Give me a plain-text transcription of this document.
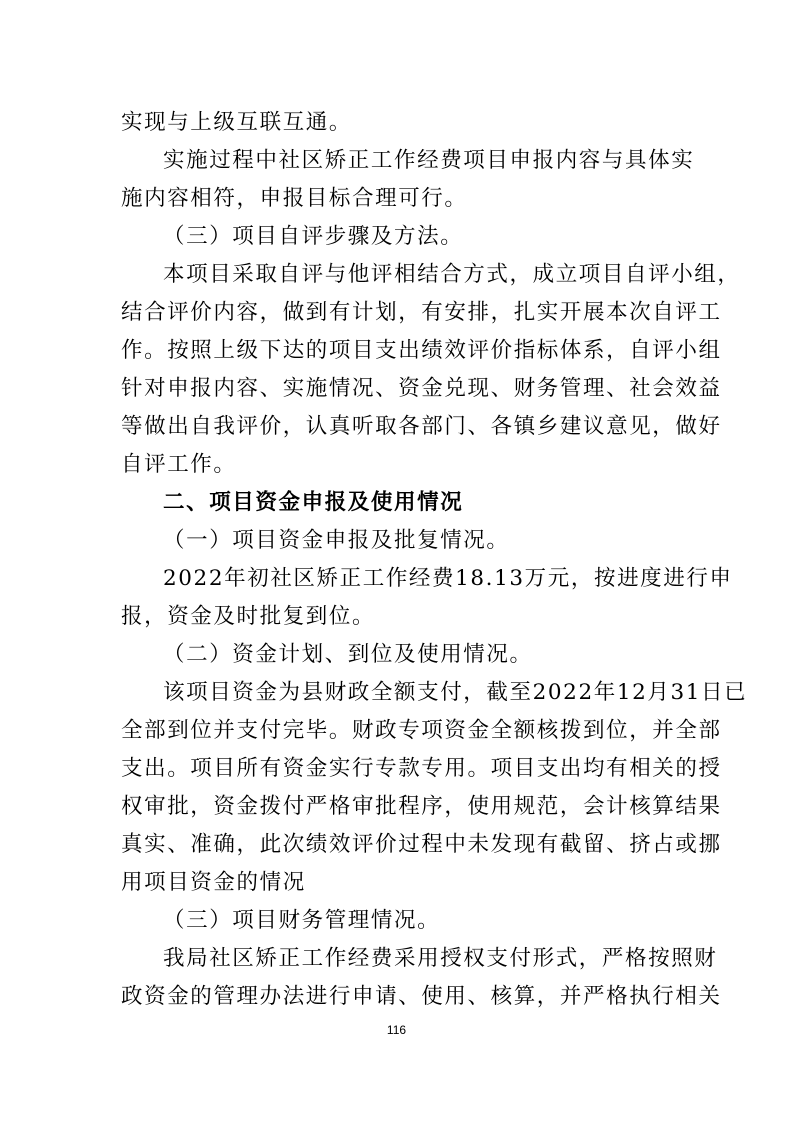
实现与上级互联互通。
实施过程中社区矫正工作经费项目申报内容与具体实
施内容相符，申报目标合理可行。
（三）项目自评步骤及方法。
本项目采取自评与他评相结合方式，成立项目自评小组，
结合评价内容，做到有计划，有安排，扎实开展本次自评工
作。按照上级下达的项目支出绩效评价指标体系，自评小组
针对申报内容、实施情况、资金兑现、财务管理、社会效益
等做出自我评价，认真听取各部门、各镇乡建议意见，做好
自评工作。
二、项目资金申报及使用情况
（一）项目资金申报及批复情况。
2022年初社区矫正工作经费18.13万元，按进度进行申
报，资金及时批复到位。
（二）资金计划、到位及使用情况。
该项目资金为县财政全额支付，截至2022年12月31日已
全部到位并支付完毕。财政专项资金全额核拨到位，并全部
支出。项目所有资金实行专款专用。项目支出均有相关的授
权审批，资金拨付严格审批程序，使用规范，会计核算结果
真实、准确，此次绩效评价过程中未发现有截留、挤占或挪
用项目资金的情况
（三）项目财务管理情况。
我局社区矫正工作经费采用授权支付形式，严格按照财
政资金的管理办法进行申请、使用、核算，并严格执行相关
116
